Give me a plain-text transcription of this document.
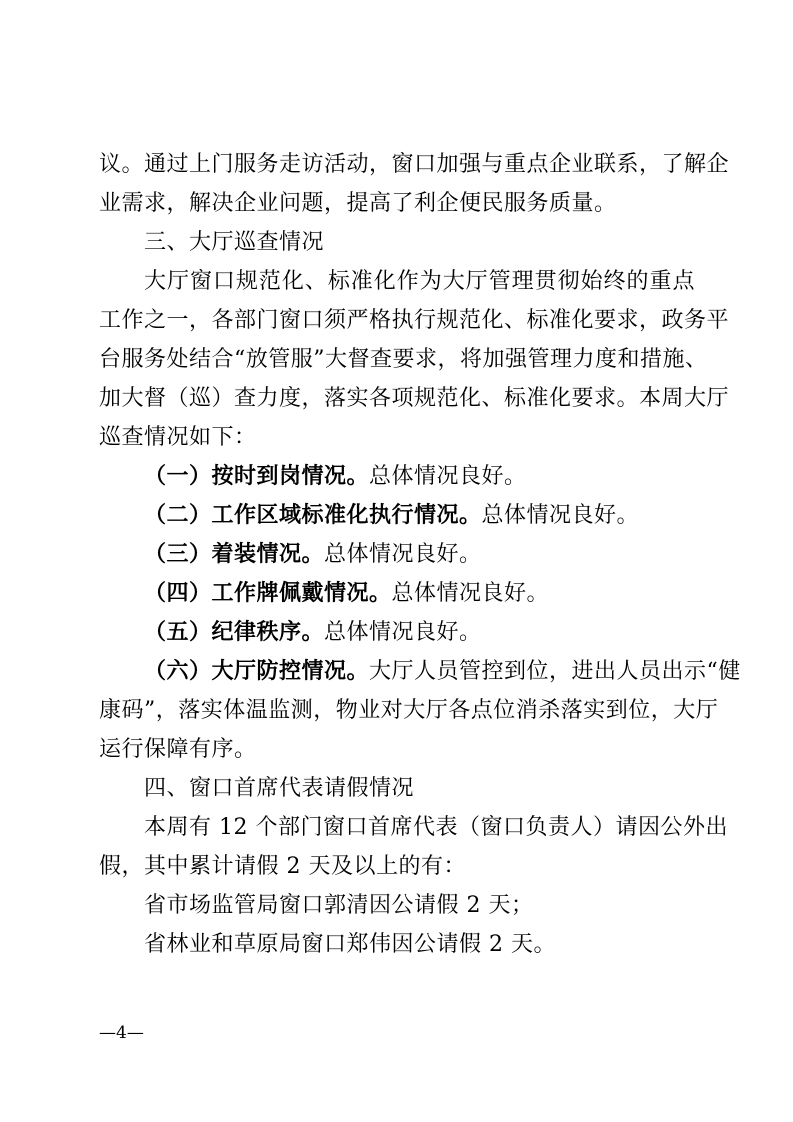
议。通过上门服务走访活动，窗口加强与重点企业联系，了解企
业需求，解决企业问题，提高了利企便民服务质量。
三、大厅巡查情况
大厅窗口规范化、标准化作为大厅管理贯彻始终的重点
工作之一，各部门窗口须严格执行规范化、标准化要求，政务平
台服务处结合“放管服”大督查要求，将加强管理力度和措施、
加大督（巡）查力度，落实各项规范化、标准化要求。本周大厅
巡查情况如下：
（一）按时到岗情况。总体情况良好。
（二）工作区域标准化执行情况。总体情况良好。
（三）着装情况。总体情况良好。
（四）工作牌佩戴情况。总体情况良好。
（五）纪律秩序。总体情况良好。
（六）大厅防控情况。大厅人员管控到位，进出人员出示“健
康码”，落实体温监测，物业对大厅各点位消杀落实到位，大厅
运行保障有序。
四、窗口首席代表请假情况
本周有 12 个部门窗口首席代表（窗口负责人）请因公外出
假，其中累计请假 2 天及以上的有：
省市场监管局窗口郭清因公请假 2 天；
省林业和草原局窗口郑伟因公请假 2 天。
—4—
